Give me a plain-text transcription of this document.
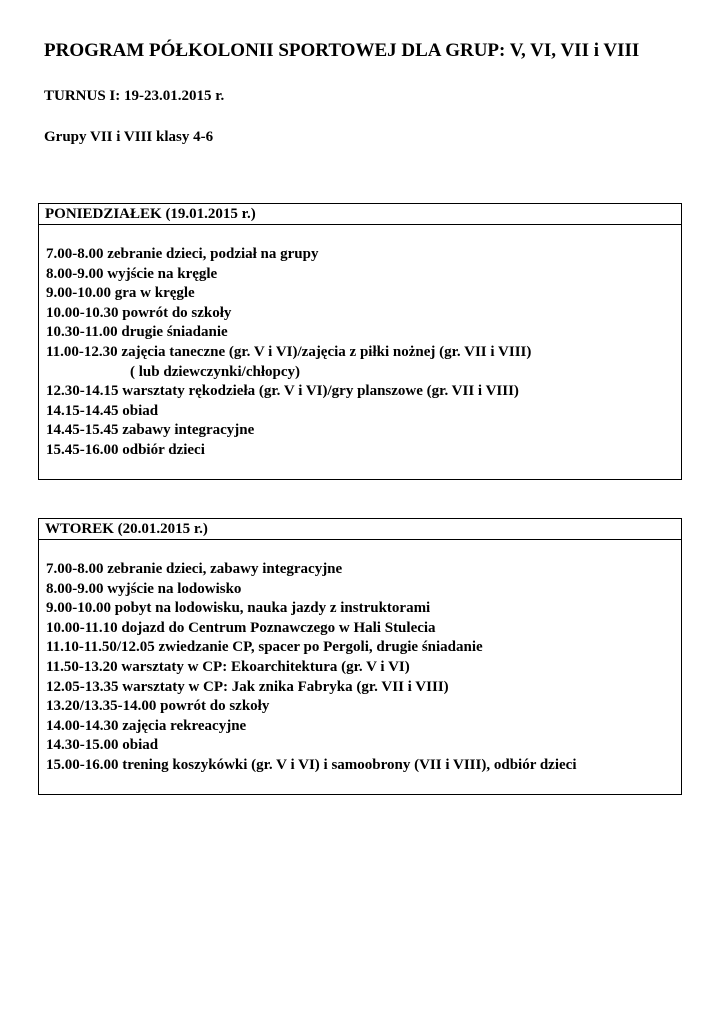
PROGRAM PÓŁKOLONII SPORTOWEJ DLA GRUP: V, VI, VII i VIII
TURNUS I: 19-23.01.2015 r.
Grupy VII i VIII klasy 4-6
PONIEDZIAŁEK (19.01.2015 r.)
7.00-8.00 zebranie dzieci, podział na grupy
8.00-9.00 wyjście na kręgle
9.00-10.00 gra w kręgle
10.00-10.30 powrót do szkoły
10.30-11.00 drugie śniadanie
11.00-12.30 zajęcia taneczne (gr. V i VI)/zajęcia z piłki nożnej (gr. VII i VIII)
( lub dziewczynki/chłopcy)
12.30-14.15 warsztaty rękodzieła (gr. V i VI)/gry planszowe (gr. VII i VIII)
14.15-14.45 obiad
14.45-15.45 zabawy integracyjne
15.45-16.00 odbiór dzieci
WTOREK (20.01.2015 r.)
7.00-8.00 zebranie dzieci, zabawy integracyjne
8.00-9.00 wyjście na lodowisko
9.00-10.00 pobyt na lodowisku, nauka jazdy z instruktorami
10.00-11.10 dojazd do Centrum Poznawczego w Hali Stulecia
11.10-11.50/12.05 zwiedzanie CP, spacer po Pergoli, drugie śniadanie
11.50-13.20 warsztaty w CP: Ekoarchitektura (gr. V i VI)
12.05-13.35 warsztaty w CP: Jak znika Fabryka (gr. VII i VIII)
13.20/13.35-14.00 powrót do szkoły
14.00-14.30 zajęcia rekreacyjne
14.30-15.00 obiad
15.00-16.00 trening koszykówki (gr. V i VI) i samoobrony (VII i VIII), odbiór dzieci
